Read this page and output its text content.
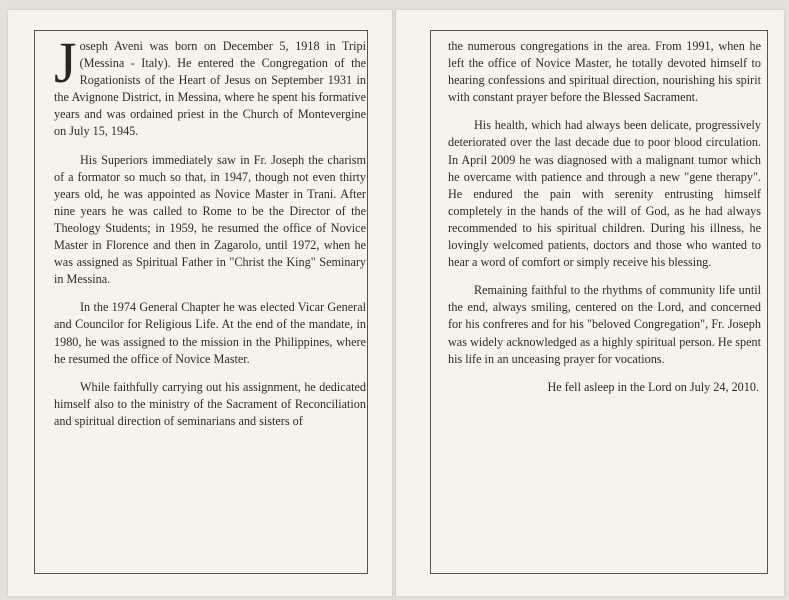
Joseph Aveni was born on December 5, 1918 in Tripi (Messina - Italy). He entered the Congregation of the Rogationists of the Heart of Jesus on September 1931 in the Avignone District, in Messina, where he spent his formative years and was ordained priest in the Church of Montevergine on July 15, 1945.

His Superiors immediately saw in Fr. Joseph the charism of a formator so much so that, in 1947, though not even thirty years old, he was appointed as Novice Master in Trani. After nine years he was called to Rome to be the Director of the Theology Students; in 1959, he resumed the office of Novice Master in Florence and then in Zagarolo, until 1972, when he was assigned as Spiritual Father in "Christ the King" Seminary in Messina.

In the 1974 General Chapter he was elected Vicar General and Councilor for Religious Life. At the end of the mandate, in 1980, he was assigned to the mission in the Philippines, where he resumed the office of Novice Master.

While faithfully carrying out his assignment, he dedicated himself also to the ministry of the Sacrament of Reconciliation and spiritual direction of seminarians and sisters of

the numerous congregations in the area. From 1991, when he left the office of Novice Master, he totally devoted himself to hearing confessions and spiritual direction, nourishing his spirit with constant prayer before the Blessed Sacrament.

His health, which had always been delicate, progressively deteriorated over the last decade due to poor blood circulation. In April 2009 he was diagnosed with a malignant tumor which he overcame with patience and through a new "gene therapy". He endured the pain with serenity entrusting himself completely in the hands of the will of God, as he had always recommended to his spiritual children. During his illness, he lovingly welcomed patients, doctors and those who wanted to hear a word of comfort or simply receive his blessing.

Remaining faithful to the rhythms of community life until the end, always smiling, centered on the Lord, and concerned for his confreres and for his "beloved Congregation", Fr. Joseph was widely acknowledged as a highly spiritual person. He spent his life in an unceasing prayer for vocations.

He fell asleep in the Lord on July 24, 2010.
